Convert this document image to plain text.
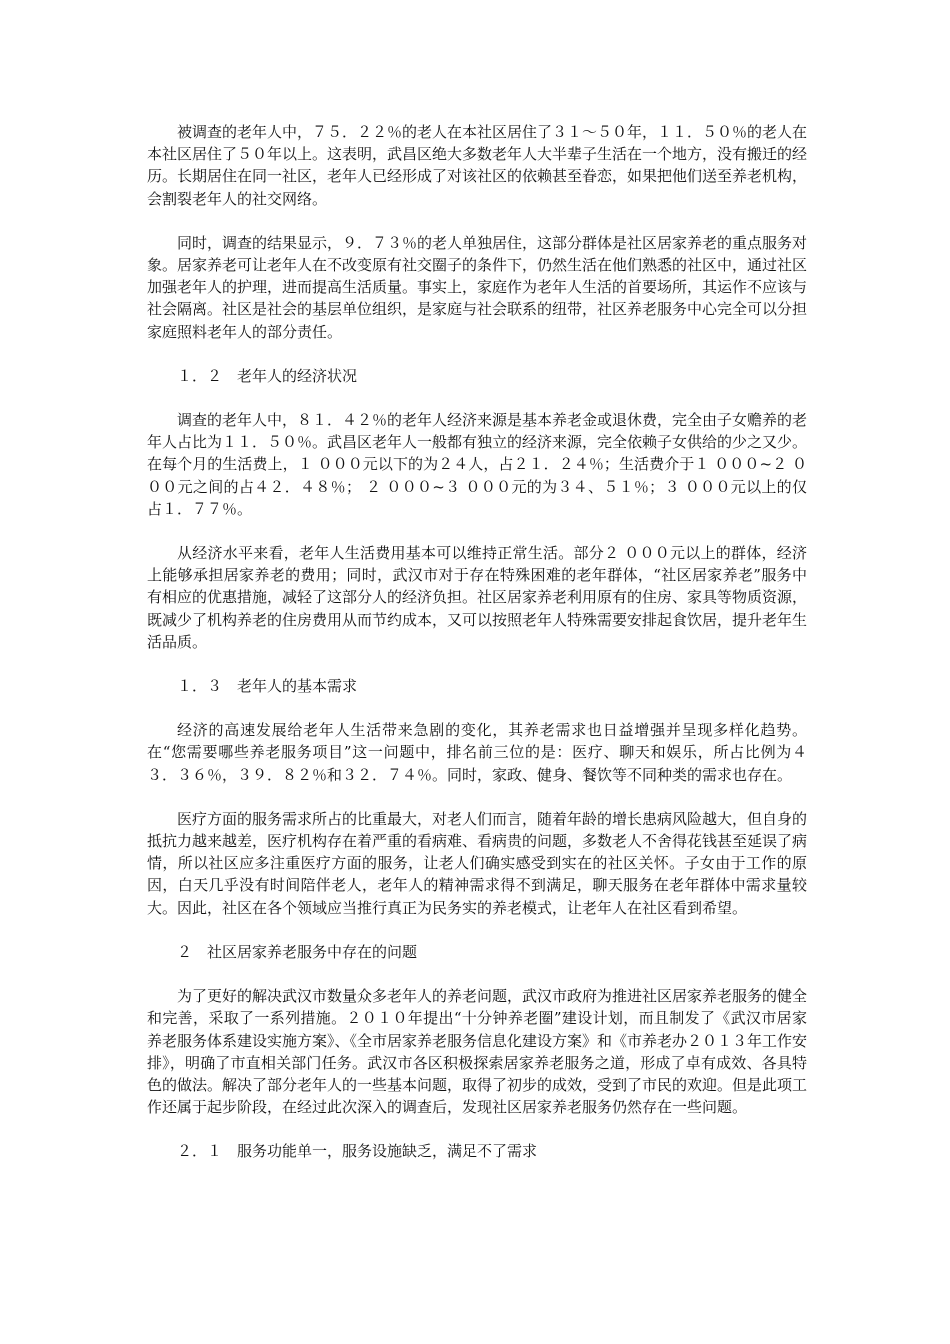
被调查的老年人中，７５．２２％的老人在本社区居住了３１～５０年，１１．５０％的老人在本社区居住了５０年以上。这表明，武昌区绝大多数老年人大半辈子生活在一个地方，没有搬迁的经历。长期居住在同一社区，老年人已经形成了对该社区的依赖甚至眷恋，如果把他们送至养老机构，会割裂老年人的社交网络。

同时，调查的结果显示，９．７３％的老人单独居住，这部分群体是社区居家养老的重点服务对象。居家养老可让老年人在不改变原有社交圈子的条件下，仍然生活在他们熟悉的社区中，通过社区加强老年人的护理，进而提高生活质量。事实上，家庭作为老年人生活的首要场所，其运作不应该与社会隔离。社区是社会的基层单位组织，是家庭与社会联系的纽带，社区养老服务中心完全可以分担家庭照料老年人的部分责任。

１．２　老年人的经济状况

调查的老年人中，８１．４２％的老年人经济来源是基本养老金或退休费，完全由子女赡养的老年人占比为１１．５０％。武昌区老年人一般都有独立的经济来源，完全依赖子女供给的少之又少。在每个月的生活费上，１ ０００元以下的为２４人，占２１．２４％；生活费介于１ ０００~２ ０００元之间的占４２．４８％； ２ ０００~３ ０００元的为３４、５１％；３ ０００元以上的仅占１．７７％。

从经济水平来看，老年人生活费用基本可以维持正常生活。部分２ ０００元以上的群体，经济上能够承担居家养老的费用；同时，武汉市对于存在特殊困难的老年群体，“社区居家养老”服务中有相应的优惠措施，减轻了这部分人的经济负担。社区居家养老利用原有的住房、家具等物质资源，既减少了机构养老的住房费用从而节约成本，又可以按照老年人特殊需要安排起食饮居，提升老年生活品质。

１．３　老年人的基本需求

经济的高速发展给老年人生活带来急剧的变化，其养老需求也日益增强并呈现多样化趋势。在“您需要哪些养老服务项目”这一问题中，排名前三位的是：医疗、聊天和娱乐，所占比例为４３．３６％，３９．８２％和３２．７４％。同时，家政、健身、餐饮等不同种类的需求也存在。

医疗方面的服务需求所占的比重最大，对老人们而言，随着年龄的增长患病风险越大，但自身的抵抗力越来越差，医疗机构存在着严重的看病难、看病贵的问题，多数老人不舍得花钱甚至延误了病情，所以社区应多注重医疗方面的服务，让老人们确实感受到实在的社区关怀。子女由于工作的原因，白天几乎没有时间陪伴老人，老年人的精神需求得不到满足，聊天服务在老年群体中需求量较大。因此，社区在各个领域应当推行真正为民务实的养老模式，让老年人在社区看到希望。

２　社区居家养老服务中存在的问题

为了更好的解决武汉市数量众多老年人的养老问题，武汉市政府为推进社区居家养老服务的健全和完善，采取了一系列措施。２０１０年提出“十分钟养老圈”建设计划，而且制发了《武汉市居家养老服务体系建设实施方案》、《全市居家养老服务信息化建设方案》和《市养老办２０１３年工作安排》，明确了市直相关部门任务。武汉市各区积极探索居家养老服务之道，形成了卓有成效、各具特色的做法。解决了部分老年人的一些基本问题，取得了初步的成效，受到了市民的欢迎。但是此项工作还属于起步阶段，在经过此次深入的调查后，发现社区居家养老服务仍然存在一些问题。

２．１　服务功能单一，服务设施缺乏，满足不了需求
